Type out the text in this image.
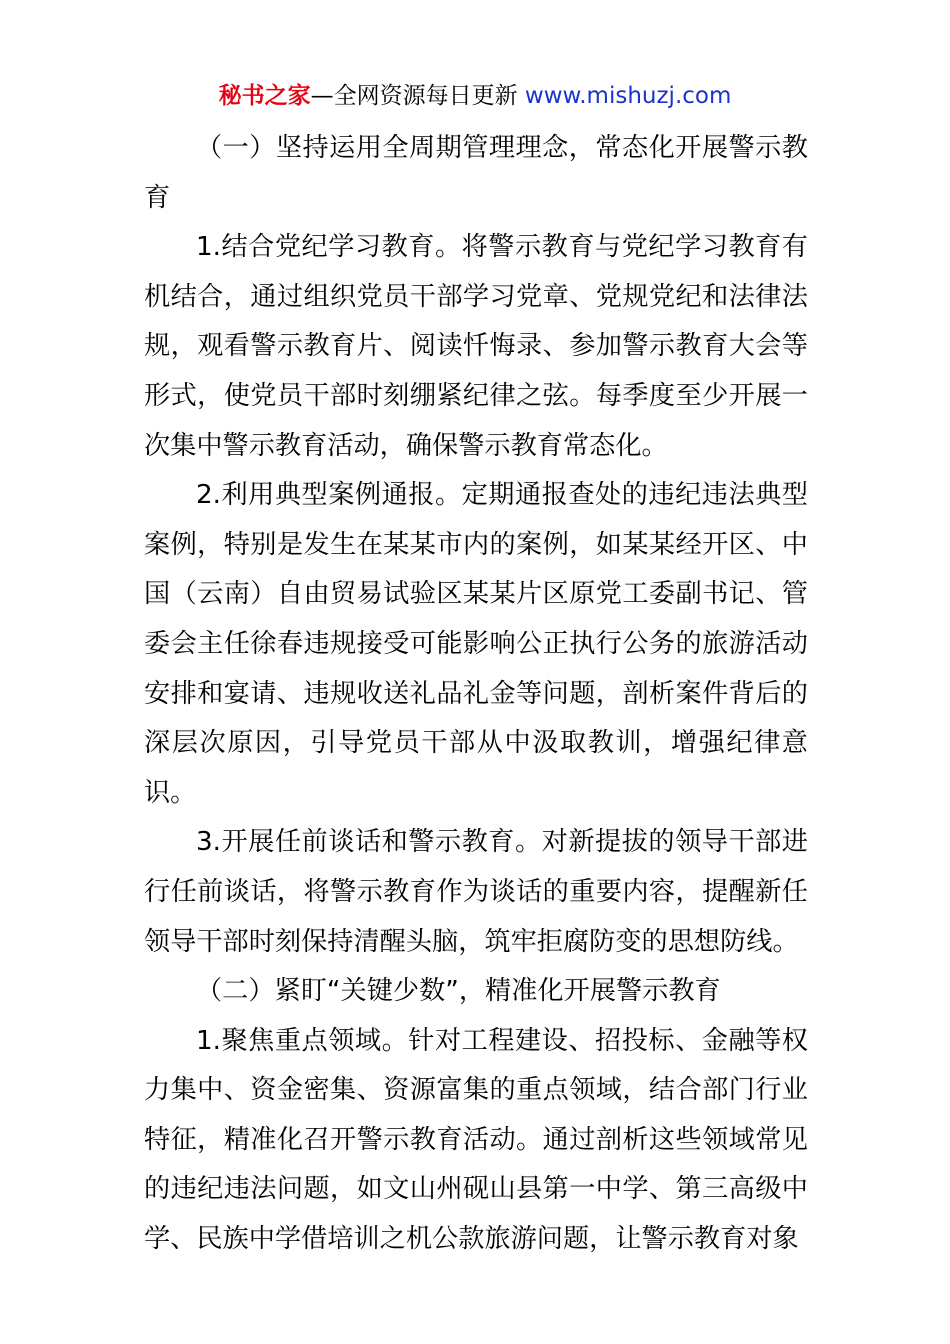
秘书之家—全网资源每日更新 www.mishuzj.com

（一）坚持运用全周期管理理念，常态化开展警示教育

1.结合党纪学习教育。将警示教育与党纪学习教育有机结合，通过组织党员干部学习党章、党规党纪和法律法规，观看警示教育片、阅读忏悔录、参加警示教育大会等形式，使党员干部时刻绷紧纪律之弦。每季度至少开展一次集中警示教育活动，确保警示教育常态化。

2.利用典型案例通报。定期通报查处的违纪违法典型案例，特别是发生在某某市内的案例，如某某经开区、中国（云南）自由贸易试验区某某片区原党工委副书记、管委会主任徐春违规接受可能影响公正执行公务的旅游活动安排和宴请、违规收送礼品礼金等问题，剖析案件背后的深层次原因，引导党员干部从中汲取教训，增强纪律意识。

3.开展任前谈话和警示教育。对新提拔的领导干部进行任前谈话，将警示教育作为谈话的重要内容，提醒新任领导干部时刻保持清醒头脑，筑牢拒腐防变的思想防线。

（二）紧盯“关键少数”，精准化开展警示教育

1.聚焦重点领域。针对工程建设、招投标、金融等权力集中、资金密集、资源富集的重点领域，结合部门行业特征，精准化召开警示教育活动。通过剖析这些领域常见的违纪违法问题，如文山州砚山县第一中学、第三高级中学、民族中学借培训之机公款旅游问题，让警示教育对象
